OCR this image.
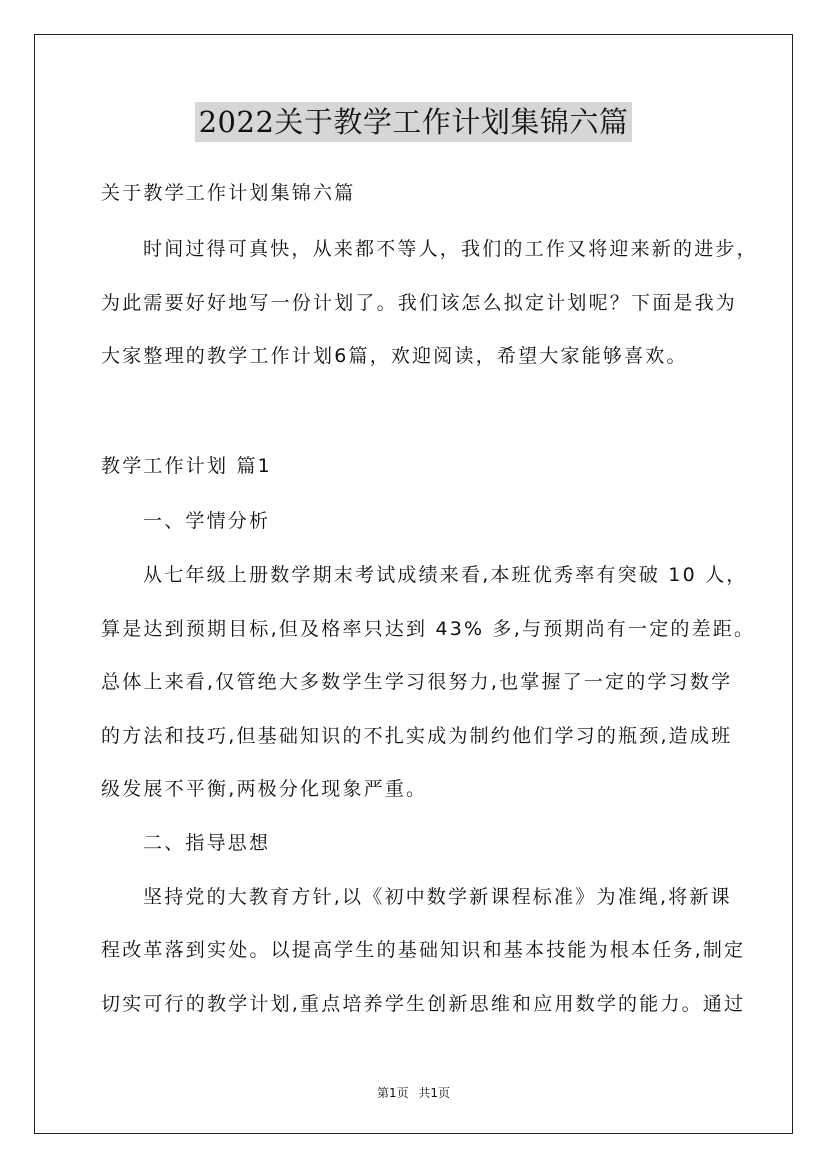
2022关于教学工作计划集锦六篇
关于教学工作计划集锦六篇
时间过得可真快，从来都不等人，我们的工作又将迎来新的进步，
为此需要好好地写一份计划了。我们该怎么拟定计划呢？下面是我为
大家整理的教学工作计划6篇，欢迎阅读，希望大家能够喜欢。
教学工作计划 篇1
一、学情分析
从七年级上册数学期末考试成绩来看,本班优秀率有突破 10 人，
算是达到预期目标,但及格率只达到 43% 多,与预期尚有一定的差距。
总体上来看,仅管绝大多数学生学习很努力,也掌握了一定的学习数学
的方法和技巧,但基础知识的不扎实成为制约他们学习的瓶颈,造成班
级发展不平衡,两极分化现象严重。
二、指导思想
坚持党的大教育方针,以《初中数学新课程标准》为准绳,将新课
程改革落到实处。以提高学生的基础知识和基本技能为根本任务,制定
切实可行的教学计划,重点培养学生创新思维和应用数学的能力。通过
第1页 共1页
